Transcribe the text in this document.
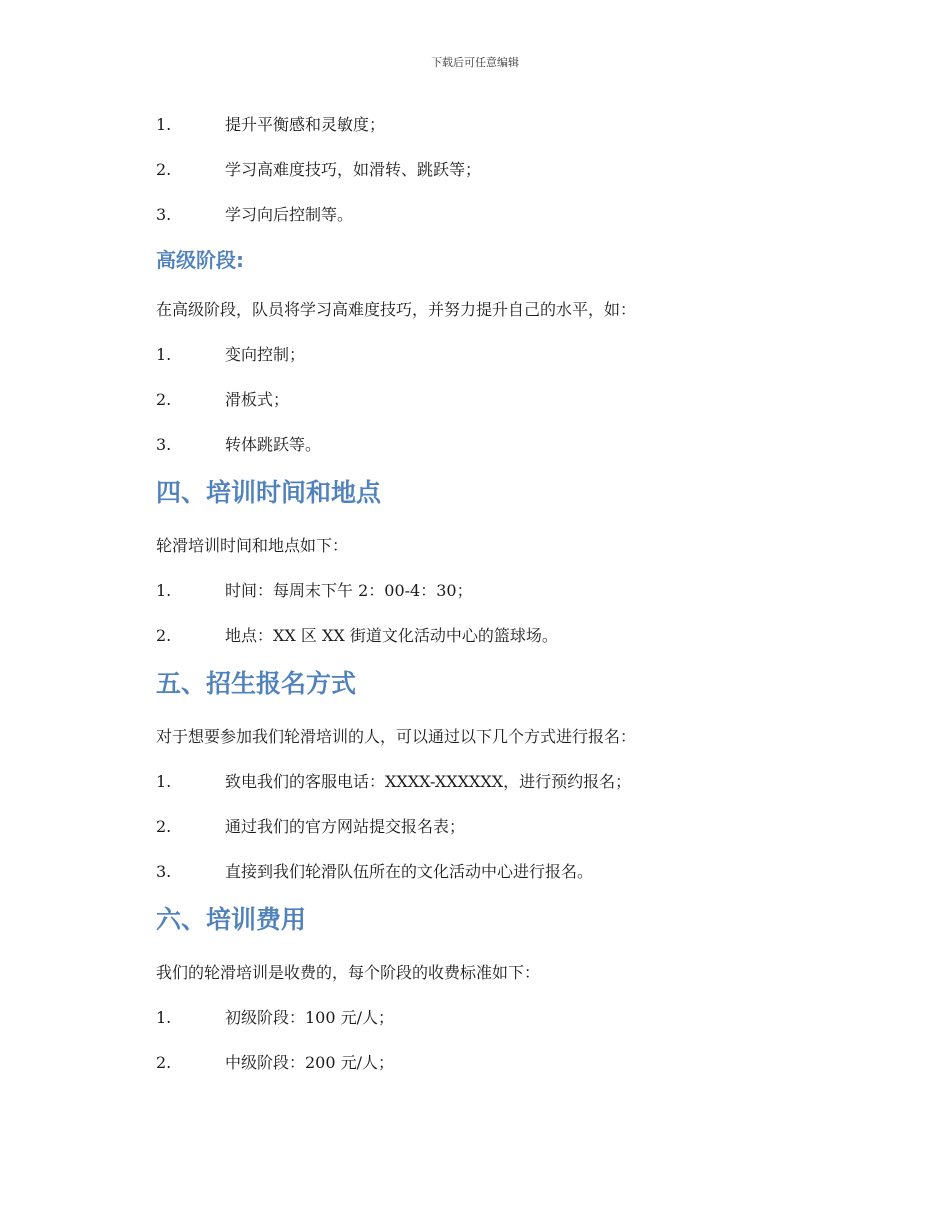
下载后可任意编辑
1.	提升平衡感和灵敏度；
2.	学习高难度技巧，如滑转、跳跃等；
3.	学习向后控制等。
高级阶段:
在高级阶段，队员将学习高难度技巧，并努力提升自己的水平，如：
1.	变向控制；
2.	滑板式；
3.	转体跳跃等。
四、培训时间和地点
轮滑培训时间和地点如下：
1.	时间：每周末下午 2：00-4：30；
2.	地点：XX 区 XX 街道文化活动中心的篮球场。
五、招生报名方式
对于想要参加我们轮滑培训的人，可以通过以下几个方式进行报名：
1.	致电我们的客服电话：XXXX-XXXXXX，进行预约报名；
2.	通过我们的官方网站提交报名表；
3.	直接到我们轮滑队伍所在的文化活动中心进行报名。
六、培训费用
我们的轮滑培训是收费的，每个阶段的收费标准如下：
1.	初级阶段：100 元/人；
2.	中级阶段：200 元/人；
